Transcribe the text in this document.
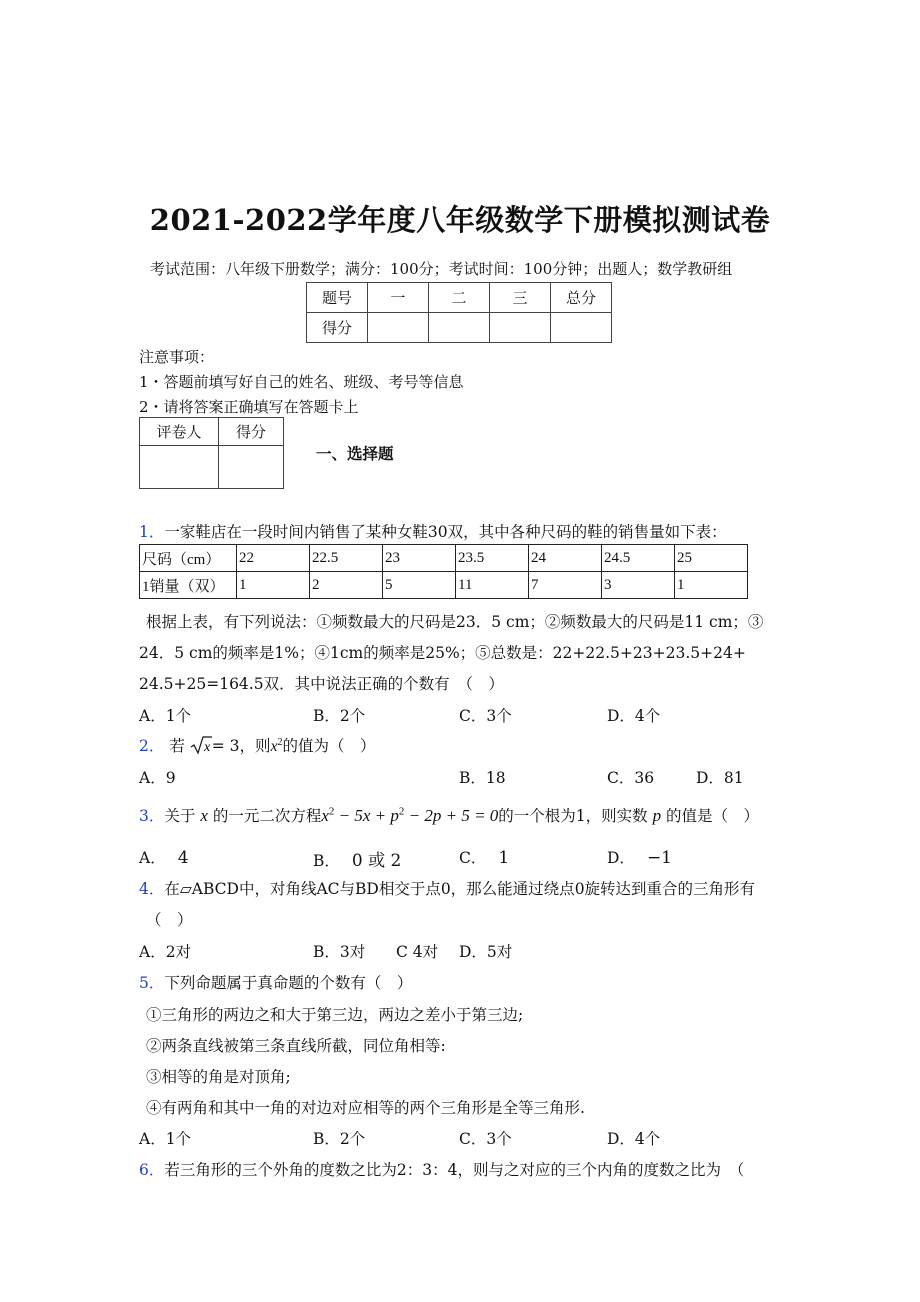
2021-2022学年度八年级数学下册模拟测试卷
考试范围：八年级下册数学；满分：100分；考试时间：100分钟；出题人；数学教研组
题号	一	二	三	总分
得分				
注意事项：
1・答题前填写好自己的姓名、班级、考号等信息
2・请将答案正确填写在答题卡上
评卷人	得分

一、选择题
1．一家鞋店在一段时间内销售了某种女鞋30双，其中各种尺码的鞋的销售量如下表：
尺码（cm）	22	22.5	23	23.5	24	24.5	25
1销量（双）	1	2	5	11	7	3	1
根据上表，有下列说法：①频数最大的尺码是23．5 cm；②频数最大的尺码是11 cm；③
24．5 cm的频率是1%；④1cm的频率是25%；⑤总数是：22+22.5+23+23.5+24+
24.5+25=164.5双．其中说法正确的个数有　（　）
A．1个	B．2个	C．3个	D．4个
2． 若 x = 3，则$x^2$的值为（　）
A．9	B．18	C．36	D．81
3．关于 x 的一元二次方程$x^2 - 5x + p^2 - 2p + 5 = 0$的一个根为1，则实数 p 的值是（　）
A． 4	B． 0 或 2	C． 1	D． −1
4．在▱ABCD中，对角线AC与BD相交于点0，那么能通过绕点0旋转达到重合的三角形有
（　）
A．2对	B．3对 C 4对 D．5对
5．下列命题属于真命题的个数有（　）
①三角形的两边之和大于第三边，两边之差小于第三边;
②两条直线被第三条直线所截，同位角相等:
③相等的角是对顶角;
④有两角和其中一角的对边对应相等的两个三角形是全等三角形.
A．1个	B．2个	C．3个	D．4个
6．若三角形的三个外角的度数之比为2：3：4，则与之对应的三个内角的度数之比为　（
